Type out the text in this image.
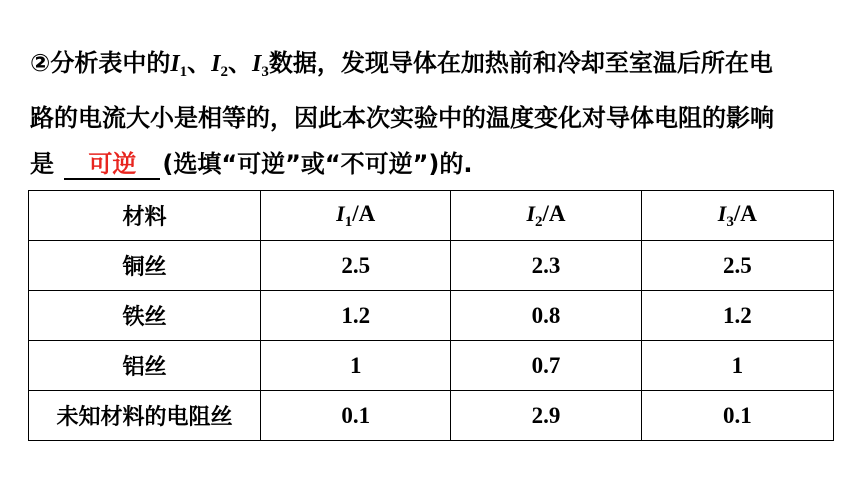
②分析表中的$I_1$、$I_2$、$I_3$数据，发现导体在加热前和冷却至室温后所在电
路的电流大小是相等的，因此本次实验中的温度变化对导体电阻的影响
是 可逆 (选填“可逆”或“不可逆”)的.
材料	$I_1/A$	$I_2/A$	$I_3/A$
铜丝	2.5	2.3	2.5
铁丝	1.2	0.8	1.2
铝丝	1	0.7	1
未知材料的电阻丝	0.1	2.9	0.1
